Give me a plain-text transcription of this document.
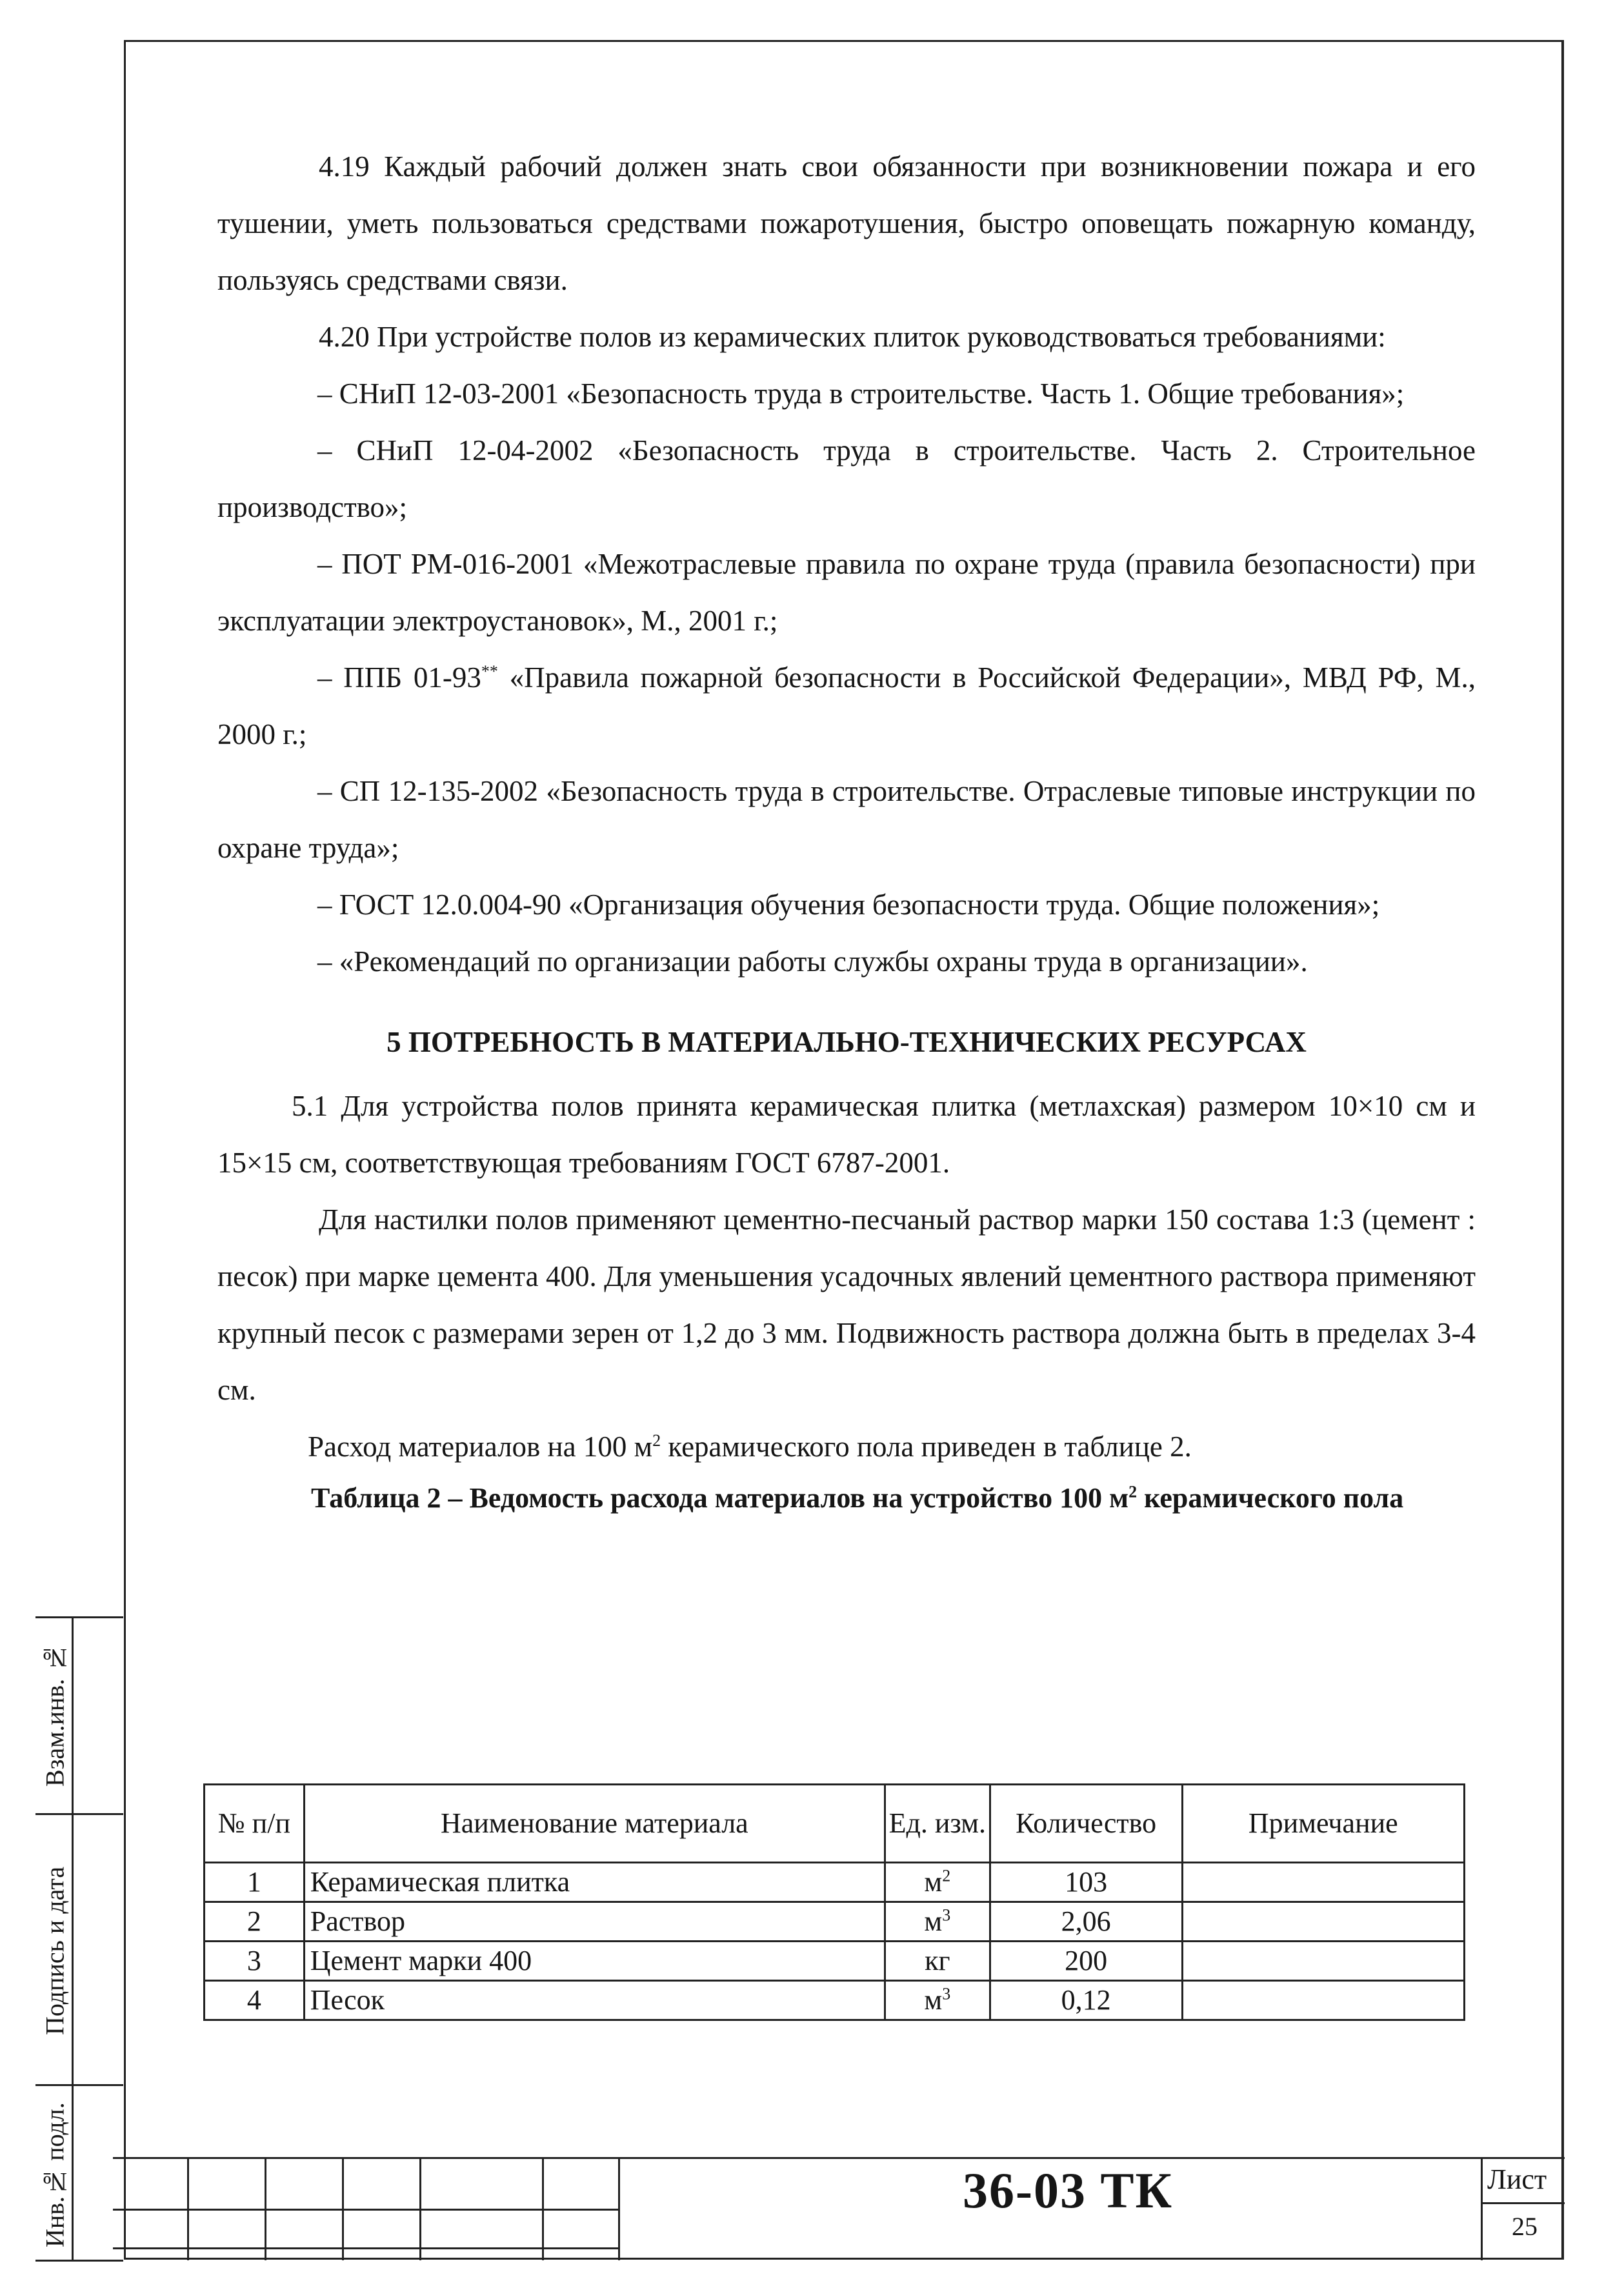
Взам.инв. №
Подпись и дата
Инв.№ подл.

4.19 Каждый рабочий должен знать свои обязанности при возникновении пожара и его тушении, уметь пользоваться средствами пожаротушения, быстро оповещать пожарную команду, пользуясь средствами связи.

4.20 При устройстве полов из керамических плиток руководствоваться требованиями:

– СНиП 12-03-2001 «Безопасность труда в строительстве. Часть 1. Общие требования»;

– СНиП 12-04-2002 «Безопасность труда в строительстве. Часть 2. Строительное производство»;

– ПОТ РМ-016-2001 «Межотраслевые правила по охране труда (правила безопасности) при эксплуатации электроустановок», М., 2001 г.;

– ППБ 01-93** «Правила пожарной безопасности в Российской Федерации», МВД РФ, М., 2000 г.;

– СП 12-135-2002 «Безопасность труда в строительстве. Отраслевые типовые инструкции по охране труда»;

– ГОСТ 12.0.004-90 «Организация обучения безопасности труда. Общие положения»;

– «Рекомендаций по организации работы службы охраны труда в организации».

5 ПОТРЕБНОСТЬ В МАТЕРИАЛЬНО-ТЕХНИЧЕСКИХ РЕСУРСАХ

5.1 Для устройства полов принята керамическая плитка (метлахская) размером 10×10 см и 15×15 см, соответствующая требованиям ГОСТ 6787-2001.

Для настилки полов применяют цементно-песчаный раствор марки 150 состава 1:3 (цемент : песок) при марке цемента 400. Для уменьшения усадочных явлений цементного раствора применяют крупный песок с размерами зерен от 1,2 до 3 мм. Подвижность раствора должна быть в пределах 3-4 см.

Расход материалов на 100 $м^2$ керамического пола приведен в таблице 2.

Таблица 2 – Ведомость расхода материалов на устройство 100 $м^2$ керамического пола

№ п/п	Наименование материала	Ед. изм.	Количество	Примечание
1	Керамическая плитка	$м^2$	103	
2	Раствор	$м^3$	2,06	
3	Цемент марки 400	кг	200	
4	Песок	$м^3$	0,12	
36-03 ТК	Лист
25
